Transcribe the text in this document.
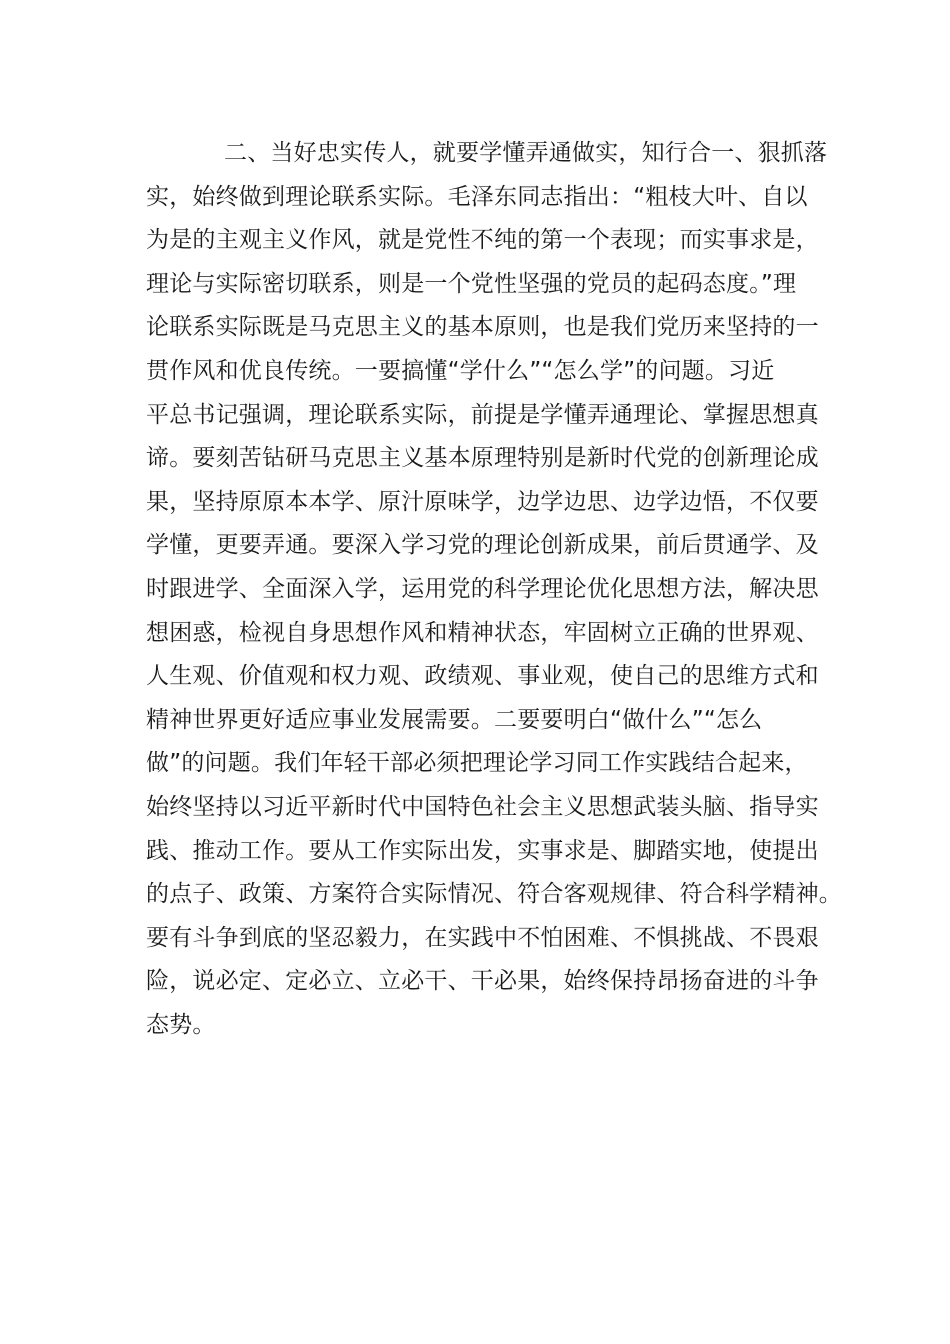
二、当好忠实传人，就要学懂弄通做实，知行合一、狠抓落
实，始终做到理论联系实际。毛泽东同志指出：“粗枝大叶、自以
为是的主观主义作风，就是党性不纯的第一个表现；而实事求是，
理论与实际密切联系，则是一个党性坚强的党员的起码态度。”理
论联系实际既是马克思主义的基本原则，也是我们党历来坚持的一
贯作风和优良传统。一要搞懂“学什么”“怎么学”的问题。习近
平总书记强调，理论联系实际，前提是学懂弄通理论、掌握思想真
谛。要刻苦钻研马克思主义基本原理特别是新时代党的创新理论成
果，坚持原原本本学、原汁原味学，边学边思、边学边悟，不仅要
学懂，更要弄通。要深入学习党的理论创新成果，前后贯通学、及
时跟进学、全面深入学，运用党的科学理论优化思想方法，解决思
想困惑，检视自身思想作风和精神状态，牢固树立正确的世界观、
人生观、价值观和权力观、政绩观、事业观，使自己的思维方式和
精神世界更好适应事业发展需要。二要要明白“做什么”“怎么
做”的问题。我们年轻干部必须把理论学习同工作实践结合起来，
始终坚持以习近平新时代中国特色社会主义思想武装头脑、指导实
践、推动工作。要从工作实际出发，实事求是、脚踏实地，使提出
的点子、政策、方案符合实际情况、符合客观规律、符合科学精神。
要有斗争到底的坚忍毅力，在实践中不怕困难、不惧挑战、不畏艰
险，说必定、定必立、立必干、干必果，始终保持昂扬奋进的斗争
态势。
